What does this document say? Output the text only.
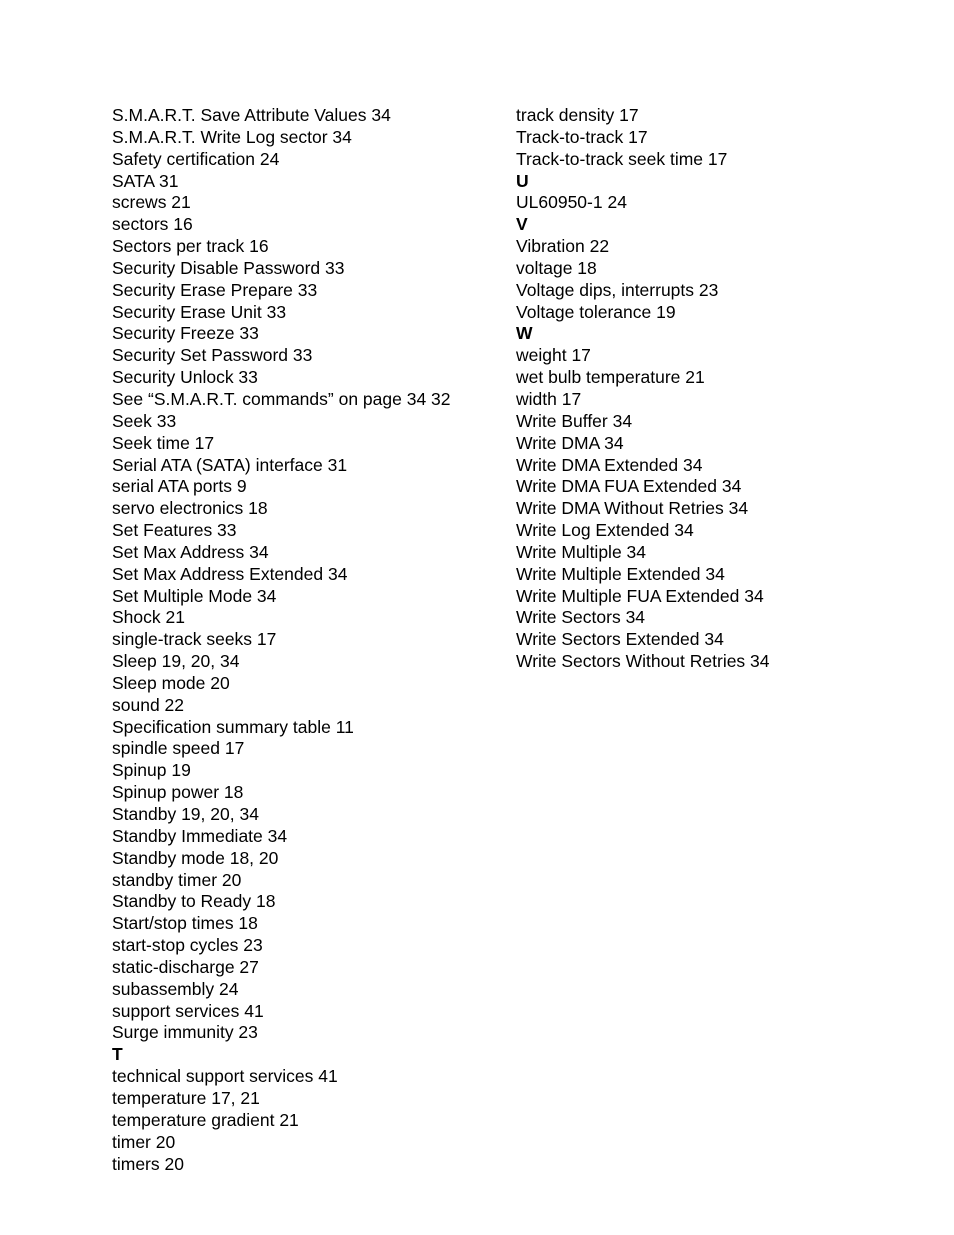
S.M.A.R.T. Save Attribute Values 34
S.M.A.R.T. Write Log sector 34
Safety certification 24
SATA 31
screws 21
sectors 16
Sectors per track 16
Security Disable Password 33
Security Erase Prepare 33
Security Erase Unit 33
Security Freeze 33
Security Set Password 33
Security Unlock 33
See “S.M.A.R.T. commands” on page 34 32
Seek 33
Seek time 17
Serial ATA (SATA) interface 31
serial ATA ports 9
servo electronics 18
Set Features 33
Set Max Address 34
Set Max Address Extended 34
Set Multiple Mode 34
Shock 21
single-track seeks 17
Sleep 19, 20, 34
Sleep mode 20
sound 22
Specification summary table 11
spindle speed 17
Spinup 19
Spinup power 18
Standby 19, 20, 34
Standby Immediate 34
Standby mode 18, 20
standby timer 20
Standby to Ready 18
Start/stop times 18
start-stop cycles 23
static-discharge 27
subassembly 24
support services 41
Surge immunity 23
T
technical support services 41
temperature 17, 21
temperature gradient 21
timer 20
timers 20
track density 17
Track-to-track 17
Track-to-track seek time 17
U
UL60950-1 24
V
Vibration 22
voltage 18
Voltage dips, interrupts 23
Voltage tolerance 19
W
weight 17
wet bulb temperature 21
width 17
Write Buffer 34
Write DMA 34
Write DMA Extended 34
Write DMA FUA Extended 34
Write DMA Without Retries 34
Write Log Extended 34
Write Multiple 34
Write Multiple Extended 34
Write Multiple FUA Extended 34
Write Sectors 34
Write Sectors Extended 34
Write Sectors Without Retries 34
